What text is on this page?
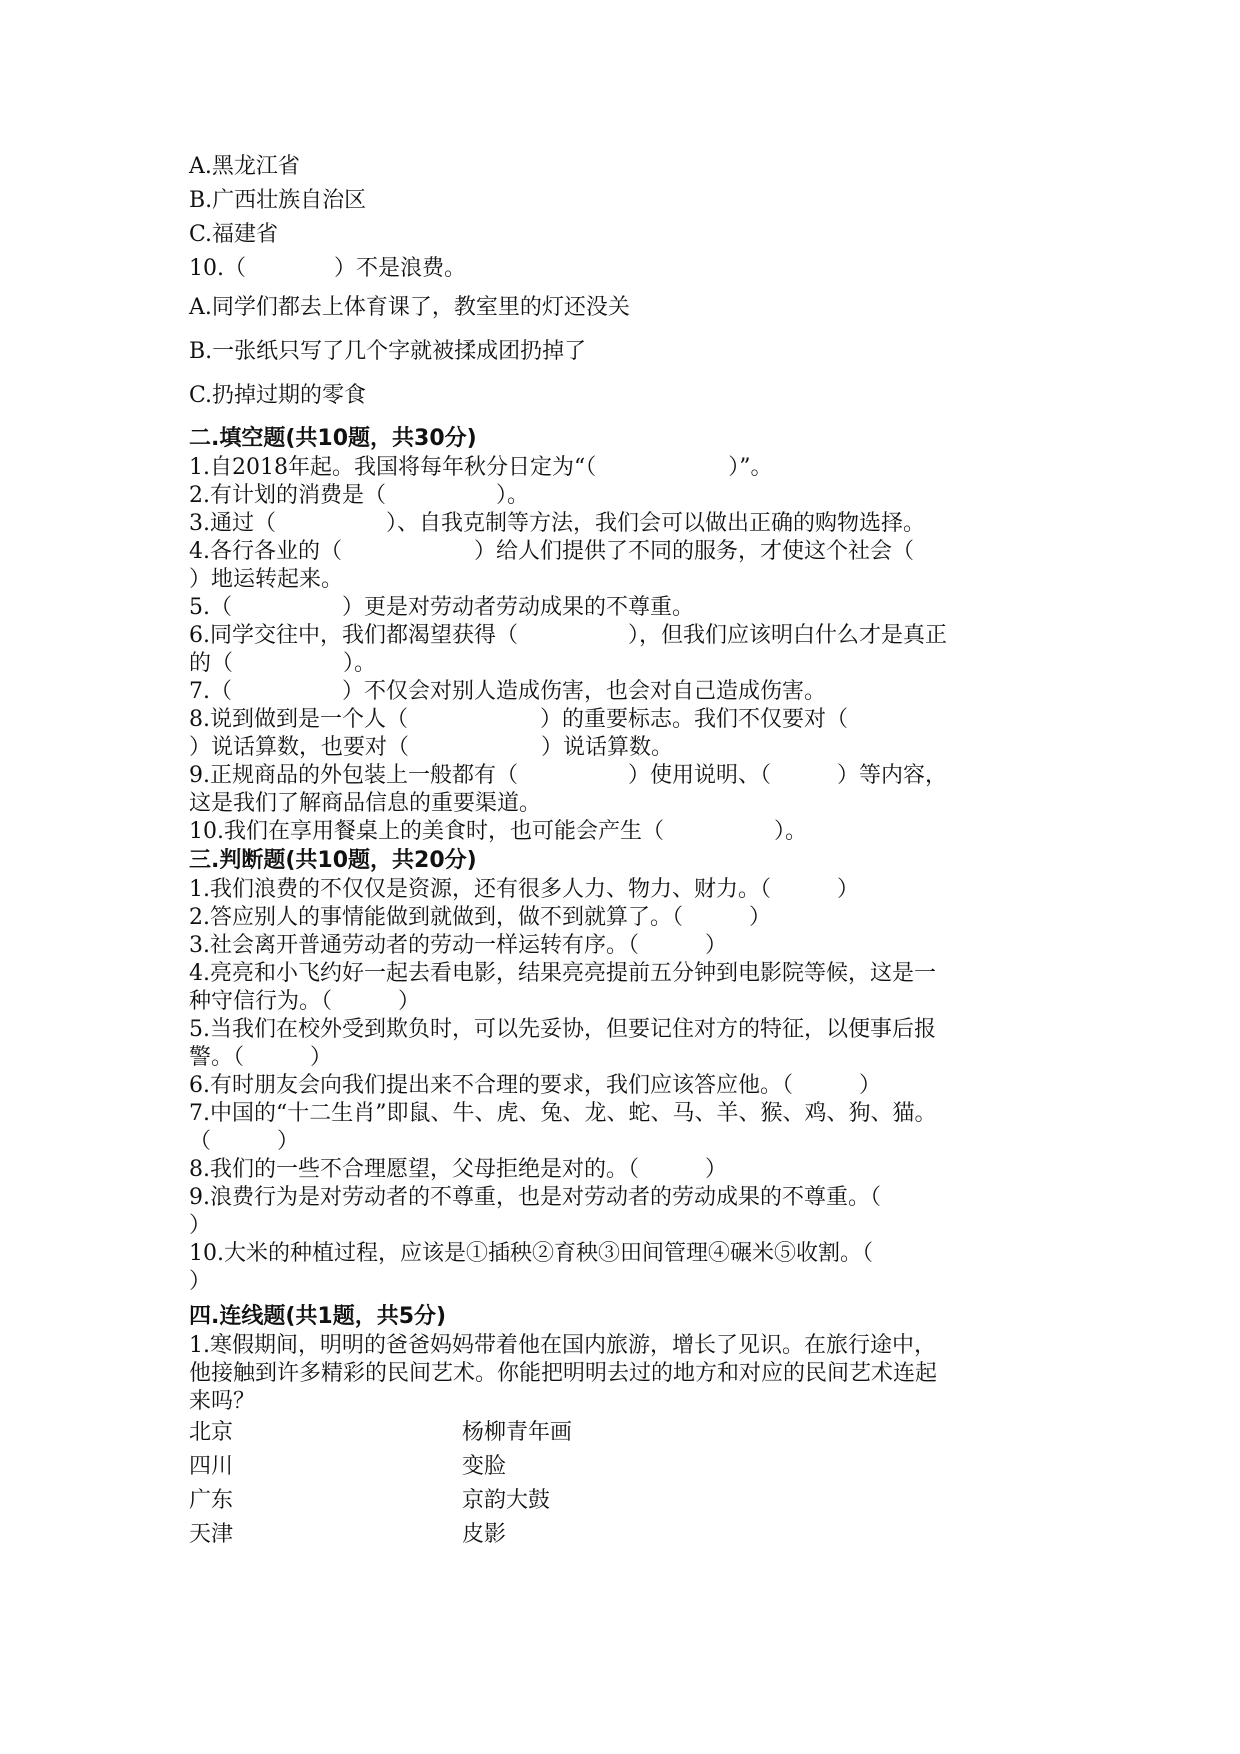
A.黑龙江省
B.广西壮族自治区
C.福建省
10.（　　　　）不是浪费。
A.同学们都去上体育课了，教室里的灯还没关
B.一张纸只写了几个字就被揉成团扔掉了
C.扔掉过期的零食
二.填空题(共10题，共30分)
1.自2018年起。我国将每年秋分日定为“（　　　　　　）”。
2.有计划的消费是（　　　　　）。
3.通过（　　　　　）、自我克制等方法，我们会可以做出正确的购物选择。
4.各行各业的（　　　　　　）给人们提供了不同的服务，才使这个社会（
）地运转起来。
5.（　　　　　）更是对劳动者劳动成果的不尊重。
6.同学交往中，我们都渴望获得（　　　　　），但我们应该明白什么才是真正
的（　　　　　）。
7.（　　　　　）不仅会对别人造成伤害，也会对自己造成伤害。
8.说到做到是一个人（　　　　　　）的重要标志。我们不仅要对（
）说话算数，也要对（　　　　　　）说话算数。
9.正规商品的外包装上一般都有（　　　　　）使用说明、（　　　）等内容，
这是我们了解商品信息的重要渠道。
10.我们在享用餐桌上的美食时，也可能会产生（　　　　　）。
三.判断题(共10题，共20分)
1.我们浪费的不仅仅是资源，还有很多人力、物力、财力。（　　　）
2.答应别人的事情能做到就做到，做不到就算了。（　　　）
3.社会离开普通劳动者的劳动一样运转有序。（　　　）
4.亮亮和小飞约好一起去看电影，结果亮亮提前五分钟到电影院等候，这是一
种守信行为。（　　　）
5.当我们在校外受到欺负时，可以先妥协，但要记住对方的特征，以便事后报
警。（　　　）
6.有时朋友会向我们提出来不合理的要求，我们应该答应他。（　　　）
7.中国的“十二生肖”即鼠、牛、虎、兔、龙、蛇、马、羊、猴、鸡、狗、猫。
（　　　）
8.我们的一些不合理愿望，父母拒绝是对的。（　　　）
9.浪费行为是对劳动者的不尊重，也是对劳动者的劳动成果的不尊重。（
）
10.大米的种植过程，应该是①插秧②育秧③田间管理④碾米⑤收割。（
）
四.连线题(共1题，共5分)
1.寒假期间，明明的爸爸妈妈带着他在国内旅游，增长了见识。在旅行途中，
他接触到许多精彩的民间艺术。你能把明明去过的地方和对应的民间艺术连起
来吗？
北京	杨柳青年画
四川	变脸
广东	京韵大鼓
天津	皮影
